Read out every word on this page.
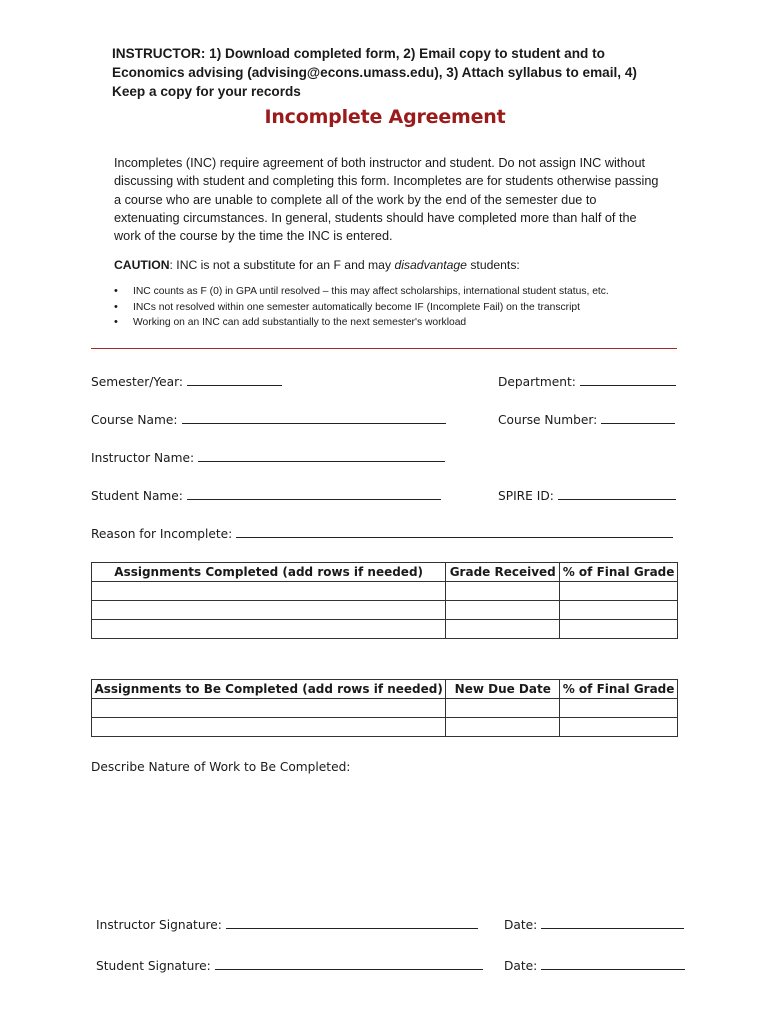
INSTRUCTOR: 1) Download completed form, 2) Email copy to student and to Economics advising (advising@econs.umass.edu), 3) Attach syllabus to email, 4) Keep a copy for your records
Incomplete Agreement
Incompletes (INC) require agreement of both instructor and student. Do not assign INC without discussing with student and completing this form. Incompletes are for students otherwise passing a course who are unable to complete all of the work by the end of the semester due to extenuating circumstances. In general, students should have completed more than half of the work of the course by the time the INC is entered.
CAUTION: INC is not a substitute for an F and may disadvantage students:
• INC counts as F (0) in GPA until resolved – this may affect scholarships, international student status, etc.
• INCs not resolved within one semester automatically become IF (Incomplete Fail) on the transcript
• Working on an INC can add substantially to the next semester's workload
Semester/Year:	Department:
Course Name:	Course Number:
Instructor Name:
Student Name:	SPIRE ID:
Reason for Incomplete:
Assignments Completed (add rows if needed)	Grade Received	% of Final Grade

Assignments to Be Completed (add rows if needed)	New Due Date	% of Final Grade

Describe Nature of Work to Be Completed:
Instructor Signature:	Date:
Student Signature:	Date:
